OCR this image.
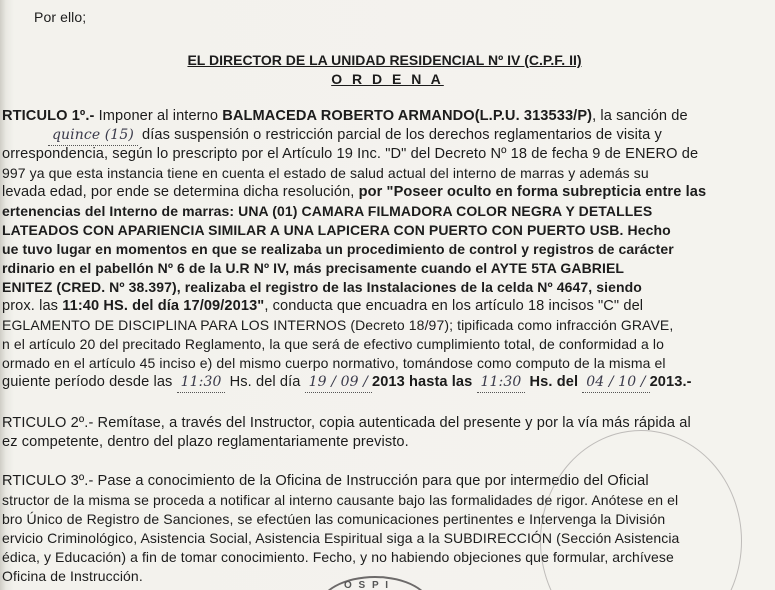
Por ello;
EL DIRECTOR DE LA UNIDAD RESIDENCIAL Nº IV (C.P.F. II)
O R D E N A
RTICULO 1º.- Imponer al interno BALMACEDA ROBERTO ARMANDO(L.P.U. 313533/P), la sanción de
quince (15) días suspensión o restricción parcial de los derechos reglamentarios de visita y
orrespondencia, según lo prescripto por el Artículo 19 Inc. "D" del Decreto Nº 18 de fecha 9 de ENERO de
997 ya que esta instancia tiene en cuenta el estado de salud actual del interno de marras y además su
levada edad, por ende se determina dicha resolución, por "Poseer oculto en forma subrepticia entre las
ertenencias del Interno de marras: UNA (01) CAMARA FILMADORA COLOR NEGRA Y DETALLES
LATEADOS CON APARIENCIA SIMILAR A UNA LAPICERA CON PUERTO CON PUERTO USB. Hecho
ue tuvo lugar en momentos en que se realizaba un procedimiento de control y registros de carácter
rdinario en el pabellón Nº 6 de la U.R Nº IV, más precisamente cuando el AYTE 5TA GABRIEL
ENITEZ (CRED. Nº 38.397), realizaba el registro de las Instalaciones de la celda Nº 4647, siendo
prox. las 11:40 HS. del día 17/09/2013", conducta que encuadra en los artículo 18 incisos "C" del
EGLAMENTO DE DISCIPLINA PARA LOS INTERNOS (Decreto 18/97); tipificada como infracción GRAVE,
n el artículo 20 del precitado Reglamento, la que será de efectivo cumplimiento total, de conformidad a lo
ormado en el artículo 45 inciso e) del mismo cuerpo normativo, tomándose como computo de la misma el
guiente período desde las 11:30 Hs. del día 19 / 09 / 2013 hasta las 11:30 Hs. del 04 / 10 / 2013.-
RTICULO 2º.- Remítase, a través del Instructor, copia autenticada del presente y por la vía más rápida al
ez competente, dentro del plazo reglamentariamente previsto.
RTICULO 3º.- Pase a conocimiento de la Oficina de Instrucción para que por intermedio del Oficial
structor de la misma se proceda a notificar al interno causante bajo las formalidades de rigor. Anótese en el
bro Único de Registro de Sanciones, se efectúen las comunicaciones pertinentes e Intervenga la División
ervicio Criminológico, Asistencia Social, Asistencia Espiritual siga a la SUBDIRECCIÓN (Sección Asistencia
édica, y Educación) a fin de tomar conocimiento. Fecho, y no habiendo objeciones que formular, archívese
Oficina de Instrucción.
O S P I
